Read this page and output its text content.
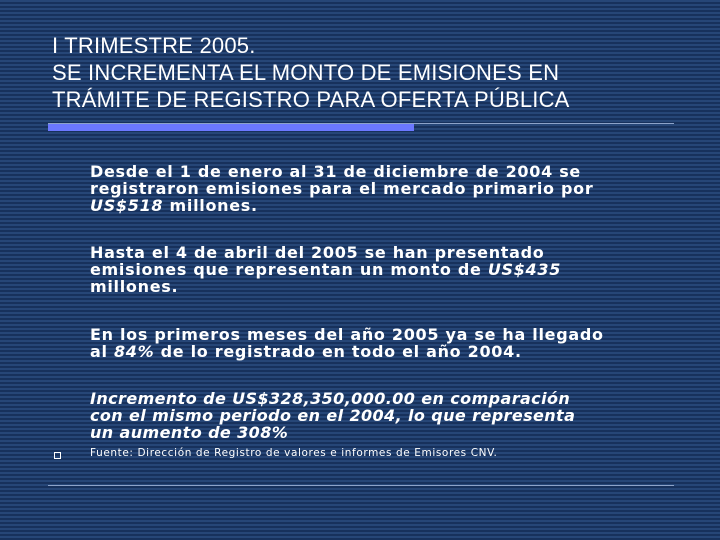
I TRIMESTRE 2005.
SE INCREMENTA EL MONTO DE EMISIONES EN
TRÁMITE DE REGISTRO PARA OFERTA PÚBLICA
Desde el 1 de enero al 31 de diciembre de 2004 se
registraron emisiones para el mercado primario por
US$518 millones.
Hasta el 4 de abril del 2005 se han presentado
emisiones que representan un monto de US$435
millones.
En los primeros meses del año 2005 ya se ha llegado
al 84% de lo registrado en todo el año 2004.
Incremento de US$328,350,000.00 en comparación
con el mismo periodo en el 2004, lo que representa
un aumento de 308%
Fuente: Dirección de Registro de valores e informes de Emisores CNV.
